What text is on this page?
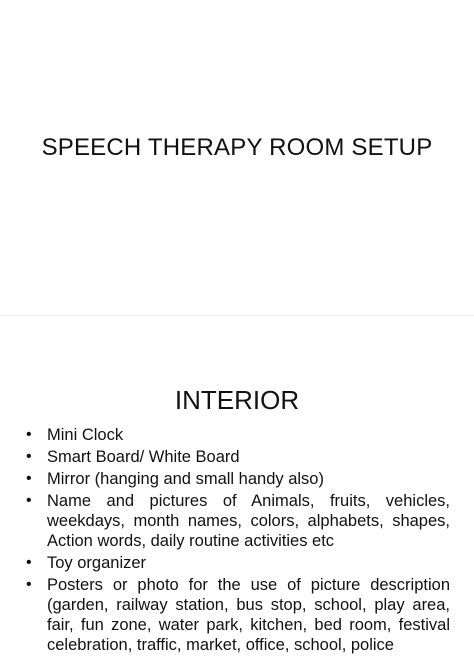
SPEECH THERAPY ROOM SETUP
INTERIOR
• Mini Clock
• Smart Board/ White Board
• Mirror (hanging and small handy also)
• Name and pictures of Animals, fruits, vehicles, weekdays, month names, colors, alphabets, shapes, Action words, daily routine activities etc
• Toy organizer
• Posters or photo for the use of picture description (garden, railway station, bus stop, school, play area, fair, fun zone, water park, kitchen, bed room, festival celebration, traffic, market, office, school, police
